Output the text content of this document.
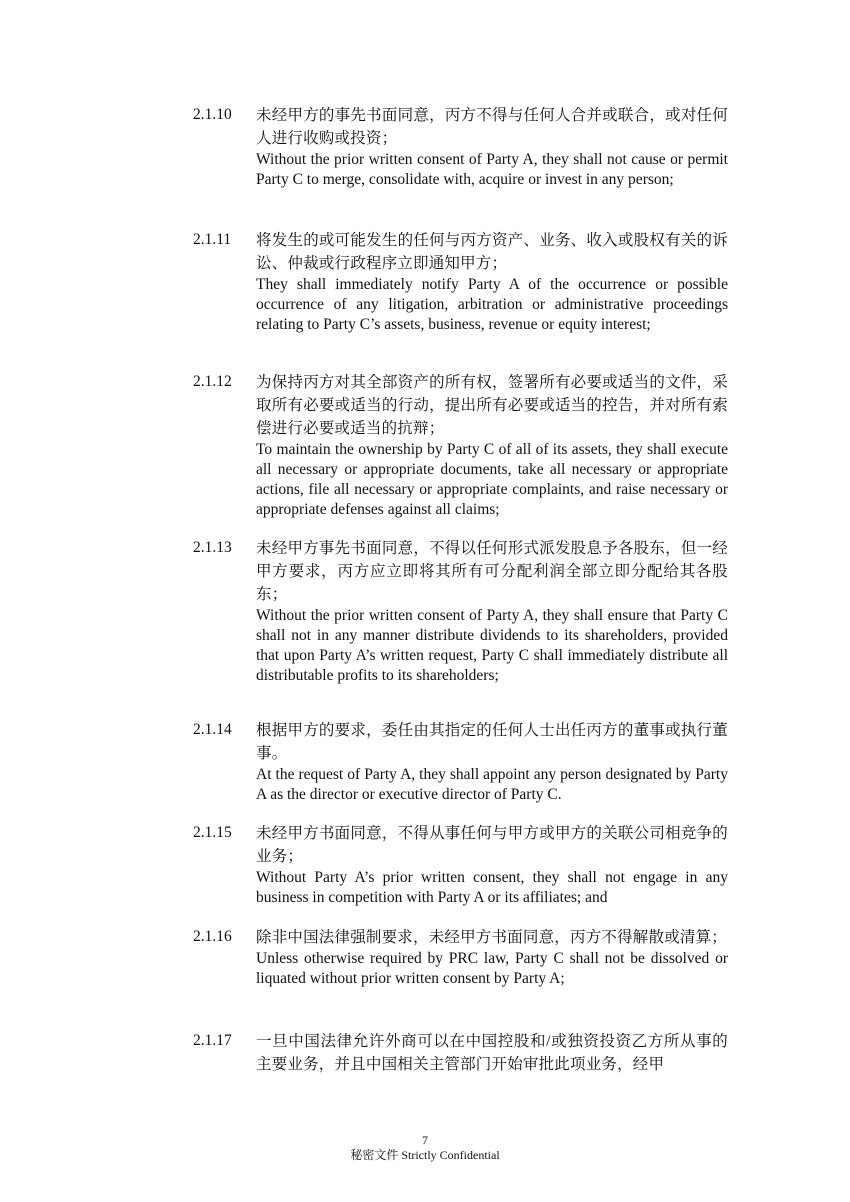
2.1.10	未经甲方的事先书面同意，丙方不得与任何人合并或联合，或对任何人进行收购或投资；

Without the prior written consent of Party A, they shall not cause or permit Party C to merge, consolidate with, acquire or invest in any person;

2.1.11	将发生的或可能发生的任何与丙方资产、业务、收入或股权有关的诉讼、仲裁或行政程序立即通知甲方；

They shall immediately notify Party A of the occurrence or possible occurrence of any litigation, arbitration or administrative proceedings relating to Party C’s assets, business, revenue or equity interest;

2.1.12	为保持丙方对其全部资产的所有权，签署所有必要或适当的文件，采取所有必要或适当的行动，提出所有必要或适当的控告，并对所有索偿进行必要或适当的抗辩；

To maintain the ownership by Party C of all of its assets, they shall execute all necessary or appropriate documents, take all necessary or appropriate actions, file all necessary or appropriate complaints, and raise necessary or appropriate defenses against all claims;

2.1.13	未经甲方事先书面同意，不得以任何形式派发股息予各股东，但一经甲方要求，丙方应立即将其所有可分配利润全部立即分配给其各股东；

Without the prior written consent of Party A, they shall ensure that Party C shall not in any manner distribute dividends to its shareholders, provided that upon Party A’s written request, Party C shall immediately distribute all distributable profits to its shareholders;

2.1.14	根据甲方的要求，委任由其指定的任何人士出任丙方的董事或执行董事。

At the request of Party A, they shall appoint any person designated by Party A as the director or executive director of Party C.

2.1.15	未经甲方书面同意，不得从事任何与甲方或甲方的关联公司相竞争的业务；

Without Party A’s prior written consent, they shall not engage in any business in competition with Party A or its affiliates; and

2.1.16	除非中国法律强制要求，未经甲方书面同意，丙方不得解散或清算；

Unless otherwise required by PRC law, Party C shall not be dissolved or liquated without prior written consent by Party A;

2.1.17	一旦中国法律允许外商可以在中国控股和/或独资投资乙方所从事的主要业务，并且中国相关主管部门开始审批此项业务，经甲

7
秘密文件 Strictly Confidential
